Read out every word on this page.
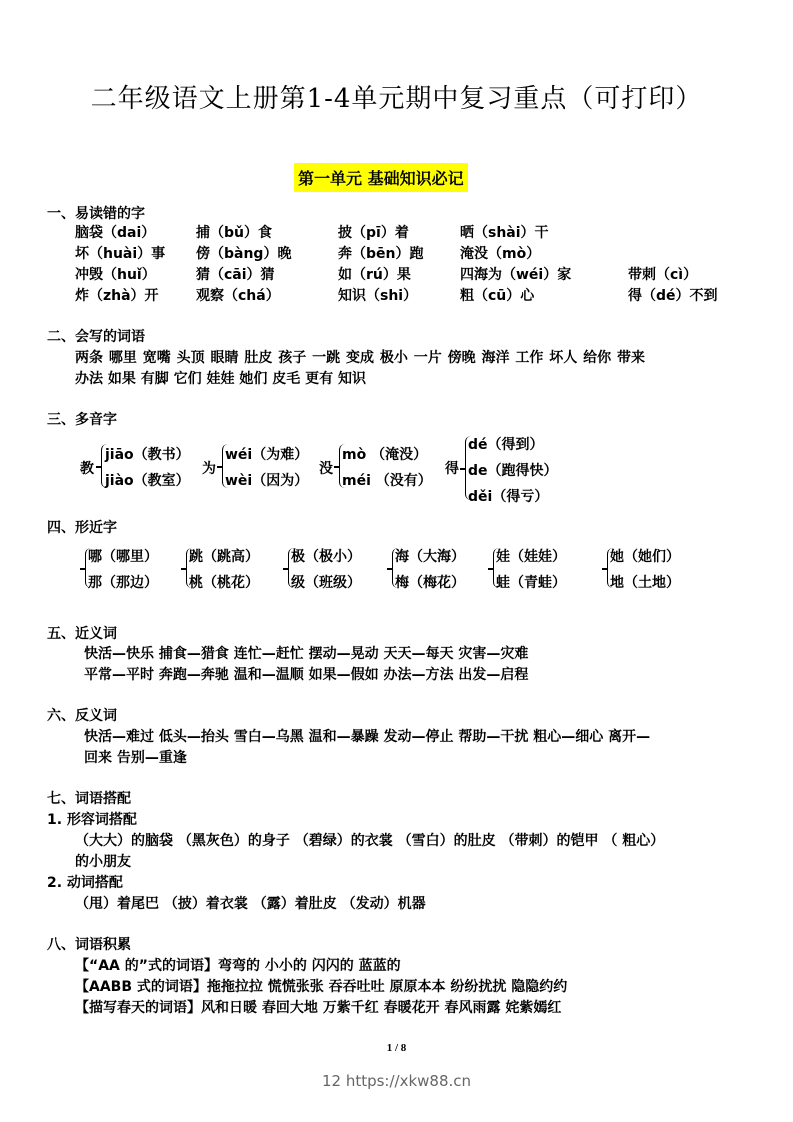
二年级语文上册第1-4单元期中复习重点（可打印）
第一单元 基础知识必记
一、易读错的字
脑袋（dai）	捕（bǔ）食	披（pī）着	晒（shài）干
坏（huài）事 傍（bàng）晚	奔（bēn）跑	淹没（mò）
冲毁（huǐ）	猜（cāi）猜	如（rú）果	四海为（wéi）家	带刺（cì）
炸（zhà）开	观察（chá）	知识（shi）	粗（cū）心	得（dé）不到
二、会写的词语
两条 哪里 宽嘴 头顶 眼睛 肚皮 孩子 一跳 变成 极小 一片 傍晚 海洋 工作 坏人 给你 带来
办法 如果 有脚 它们 娃娃 她们 皮毛 更有 知识
三、多音字
教
jiāo（教书）
jiào（教室）
为
wéi（为难）
wèi（因为）
没
mò （淹没）
méi （没有）
得
dé（得到）
de（跑得快）
děi（得亏）
四、形近字
哪（哪里）
那（那边）
跳（跳高）
桃（桃花）
极（极小）
级（班级）
海（大海）
梅（梅花）
娃（娃娃）
蛙（青蛙）
她（她们）
地（土地）
五、近义词
快活—快乐 捕食—猎食 连忙—赶忙 摆动—晃动 天天—每天 灾害—灾难
平常—平时 奔跑—奔驰 温和—温顺 如果—假如 办法—方法 出发—启程
六、反义词
快活—难过 低头—抬头 雪白—乌黑 温和—暴躁 发动—停止 帮助—干扰 粗心—细心 离开—
回来 告别—重逢
七、词语搭配
1. 形容词搭配
（大大）的脑袋 （黑灰色）的身子 （碧绿）的衣裳 （雪白）的肚皮 （带刺）的铠甲 （ 粗心）
的小朋友
2. 动词搭配
（甩）着尾巴 （披）着衣裳 （露）着肚皮 （发动）机器
八、词语积累
【“AA 的”式的词语】弯弯的 小小的 闪闪的 蓝蓝的
【AABB 式的词语】拖拖拉拉 慌慌张张 吞吞吐吐 原原本本 纷纷扰扰 隐隐约约
【描写春天的词语】风和日暖 春回大地 万紫千红 春暖花开 春风雨露 姹紫嫣红
1 / 8
12 https://xkw88.cn
